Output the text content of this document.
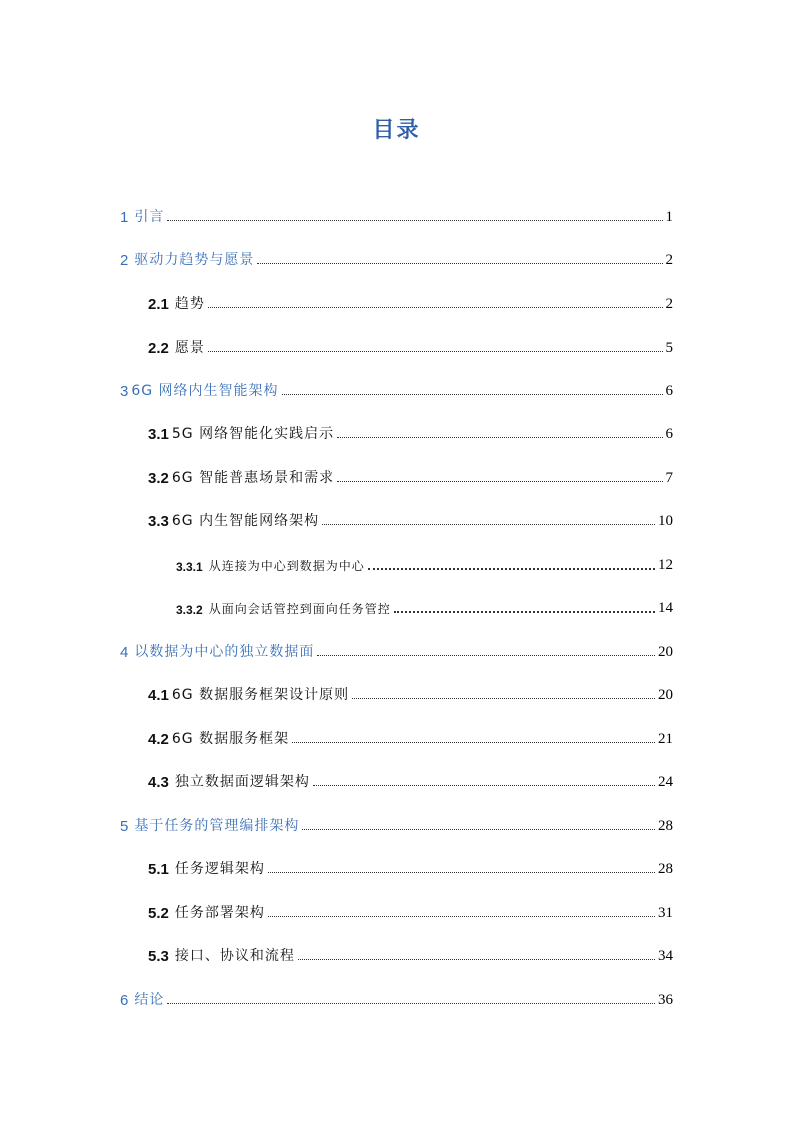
目录
1 引言	1
2 驱动力趋势与愿景	2
2.1 趋势	2
2.2 愿景	5
3 6G 网络内生智能架构	6
3.1 5G 网络智能化实践启示	6
3.2 6G 智能普惠场景和需求	7
3.3 6G 内生智能网络架构	10
3.3.1 从连接为中心到数据为中心	12
3.3.2 从面向会话管控到面向任务管控	14
4 以数据为中心的独立数据面	20
4.1 6G 数据服务框架设计原则	20
4.2 6G 数据服务框架	21
4.3 独立数据面逻辑架构	24
5 基于任务的管理编排架构	28
5.1 任务逻辑架构	28
5.2 任务部署架构	31
5.3 接口、协议和流程	34
6 结论	36
